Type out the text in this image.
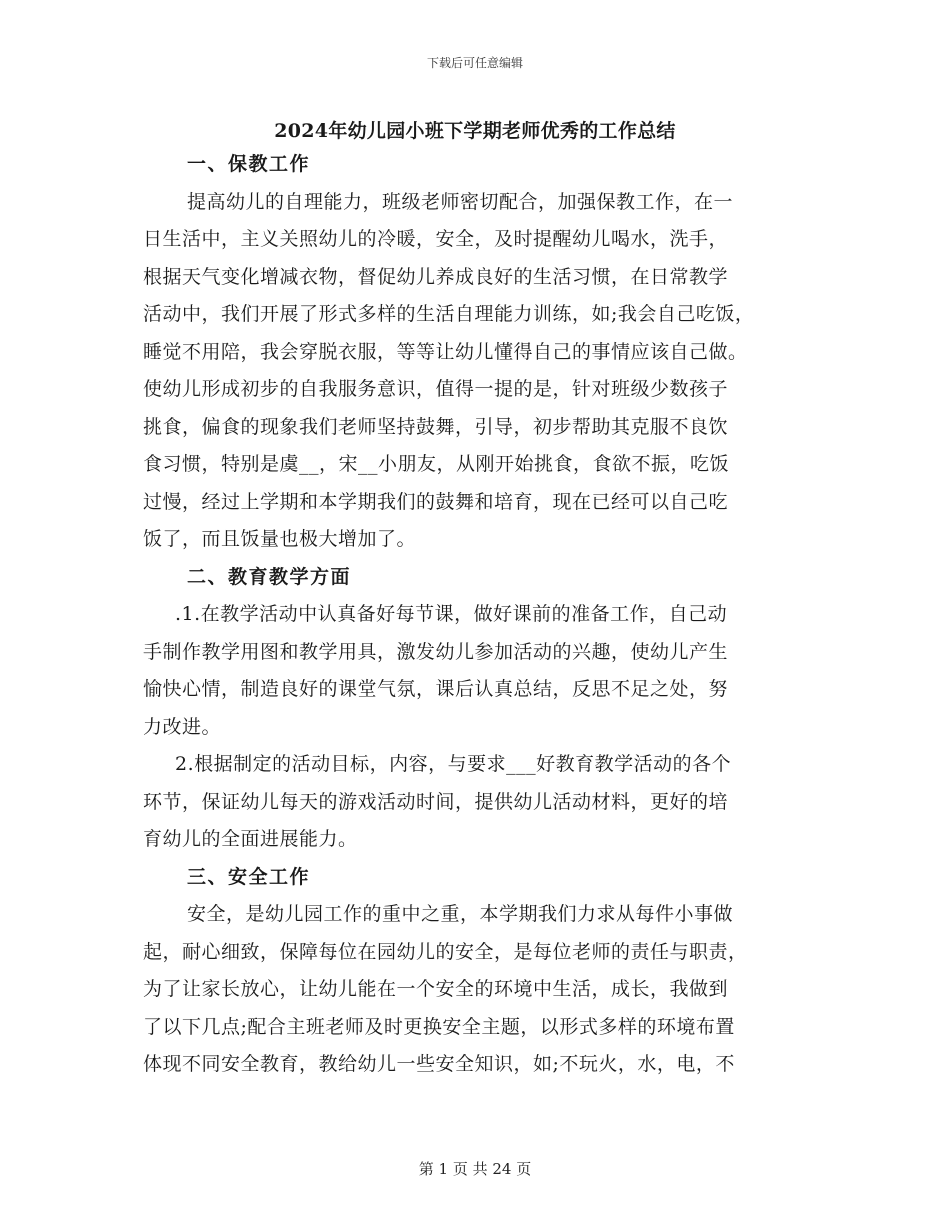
下载后可任意编辑
2024年幼儿园小班下学期老师优秀的工作总结
一、保教工作
提高幼儿的自理能力，班级老师密切配合，加强保教工作，在一
日生活中，主义关照幼儿的冷暖，安全，及时提醒幼儿喝水，洗手，
根据天气变化增减衣物，督促幼儿养成良好的生活习惯，在日常教学
活动中，我们开展了形式多样的生活自理能力训练，如;我会自己吃饭，
睡觉不用陪，我会穿脱衣服，等等让幼儿懂得自己的事情应该自己做。
使幼儿形成初步的自我服务意识，值得一提的是，针对班级少数孩子
挑食，偏食的现象我们老师坚持鼓舞，引导，初步帮助其克服不良饮
食习惯，特别是虞__，宋__小朋友，从刚开始挑食，食欲不振，吃饭
过慢，经过上学期和本学期我们的鼓舞和培育，现在已经可以自己吃
饭了，而且饭量也极大增加了。
二、教育教学方面
.1.在教学活动中认真备好每节课，做好课前的准备工作，自己动
手制作教学用图和教学用具，激发幼儿参加活动的兴趣，使幼儿产生
愉快心情，制造良好的课堂气氛，课后认真总结，反思不足之处，努
力改进。
2.根据制定的活动目标，内容，与要求___好教育教学活动的各个
环节，保证幼儿每天的游戏活动时间，提供幼儿活动材料，更好的培
育幼儿的全面进展能力。
三、安全工作
安全，是幼儿园工作的重中之重，本学期我们力求从每件小事做
起，耐心细致，保障每位在园幼儿的安全，是每位老师的责任与职责，
为了让家长放心，让幼儿能在一个安全的环境中生活，成长，我做到
了以下几点;配合主班老师及时更换安全主题，以形式多样的环境布置
体现不同安全教育，教给幼儿一些安全知识，如;不玩火，水，电，不
第 1 页 共 24 页
